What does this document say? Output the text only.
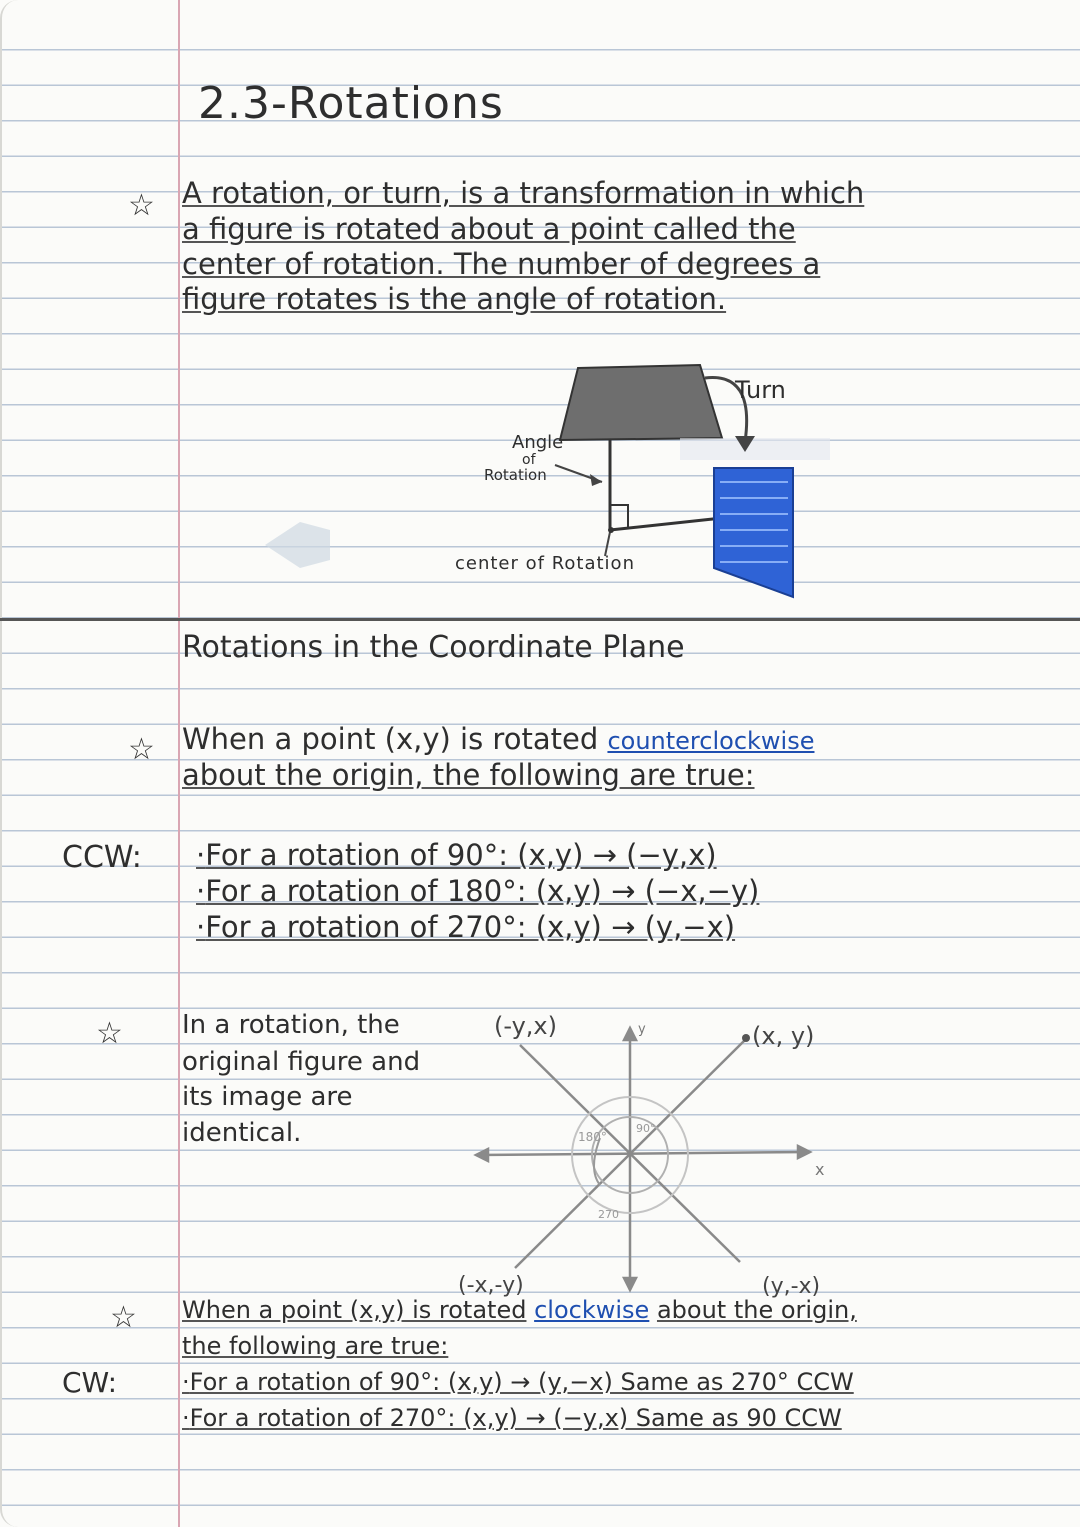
2.3-Rotations
☆ A rotation, or turn, is a transformation in which
a figure is rotated about a point called the
center of rotation. The number of degrees a
figure rotates is the angle of rotation.
Turn
Angle
of
Rotation
center of Rotation
Rotations in the Coordinate Plane
☆ When a point (x,y) is rotated counterclockwise
about the origin, the following are true:
CCW: ·For a rotation of 90°: (x,y) → (−y,x)
·For a rotation of 180°: (x,y) → (−x,−y)
·For a rotation of 270°: (x,y) → (y,−x)
☆ In a rotation, the
original figure and
its image are
identical.
(x, y)
(-y,x)
(-x,-y)	(y,-x)
y
x
90°
180°
270
☆ When a point (x,y) is rotated clockwise about the origin,
the following are true:
CW:	·For a rotation of 90°: (x,y) → (y,−x) Same as 270° CCW
·For a rotation of 270°: (x,y) → (−y,x) Same as 90 CCW
